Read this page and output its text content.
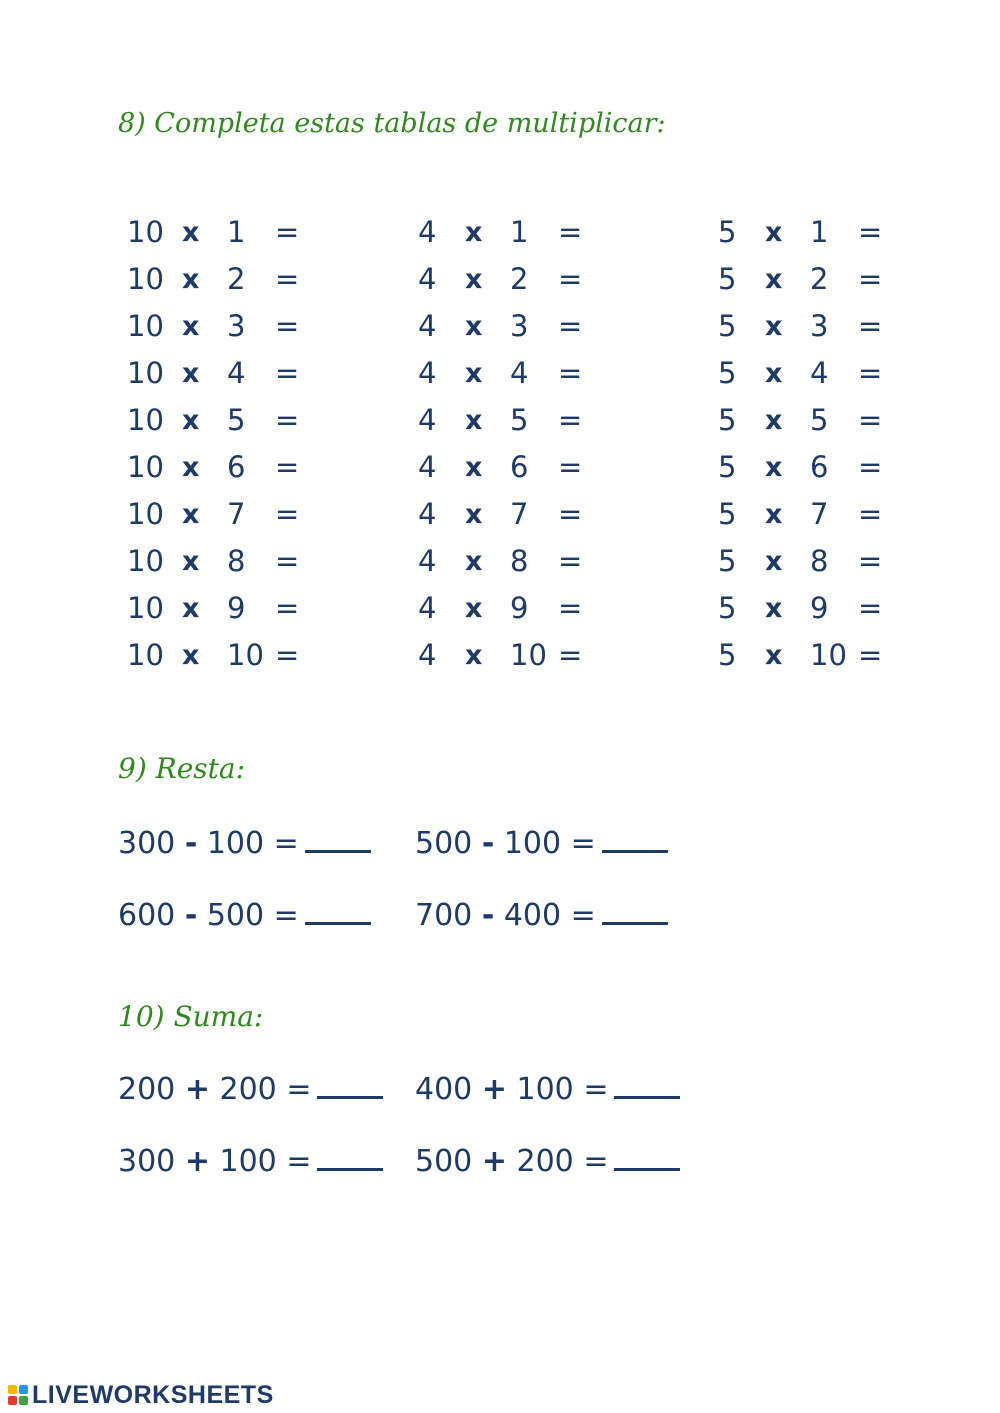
8) Completa estas tablas de multiplicar:
10 x 1 =
10 x 2 =
10 x 3 =
10 x 4 =
10 x 5 =
10 x 6 =
10 x 7 =
10 x 8 =
10 x 9 =
10 x 10 =
4 x 1 =
4 x 2 =
4 x 3 =
4 x 4 =
4 x 5 =
4 x 6 =
4 x 7 =
4 x 8 =
4 x 9 =
4 x 10 =
5 x 1 =
5 x 2 =
5 x 3 =
5 x 4 =
5 x 5 =
5 x 6 =
5 x 7 =
5 x 8 =
5 x 9 =
5 x 10 =
9) Resta:
300 - 100 =	500 - 100 =
600 - 500 =	700 - 400 =
10) Suma:
200 + 200 =	400 + 100 =
300 + 100 =	500 + 200 =
LIVEWORKSHEETS
